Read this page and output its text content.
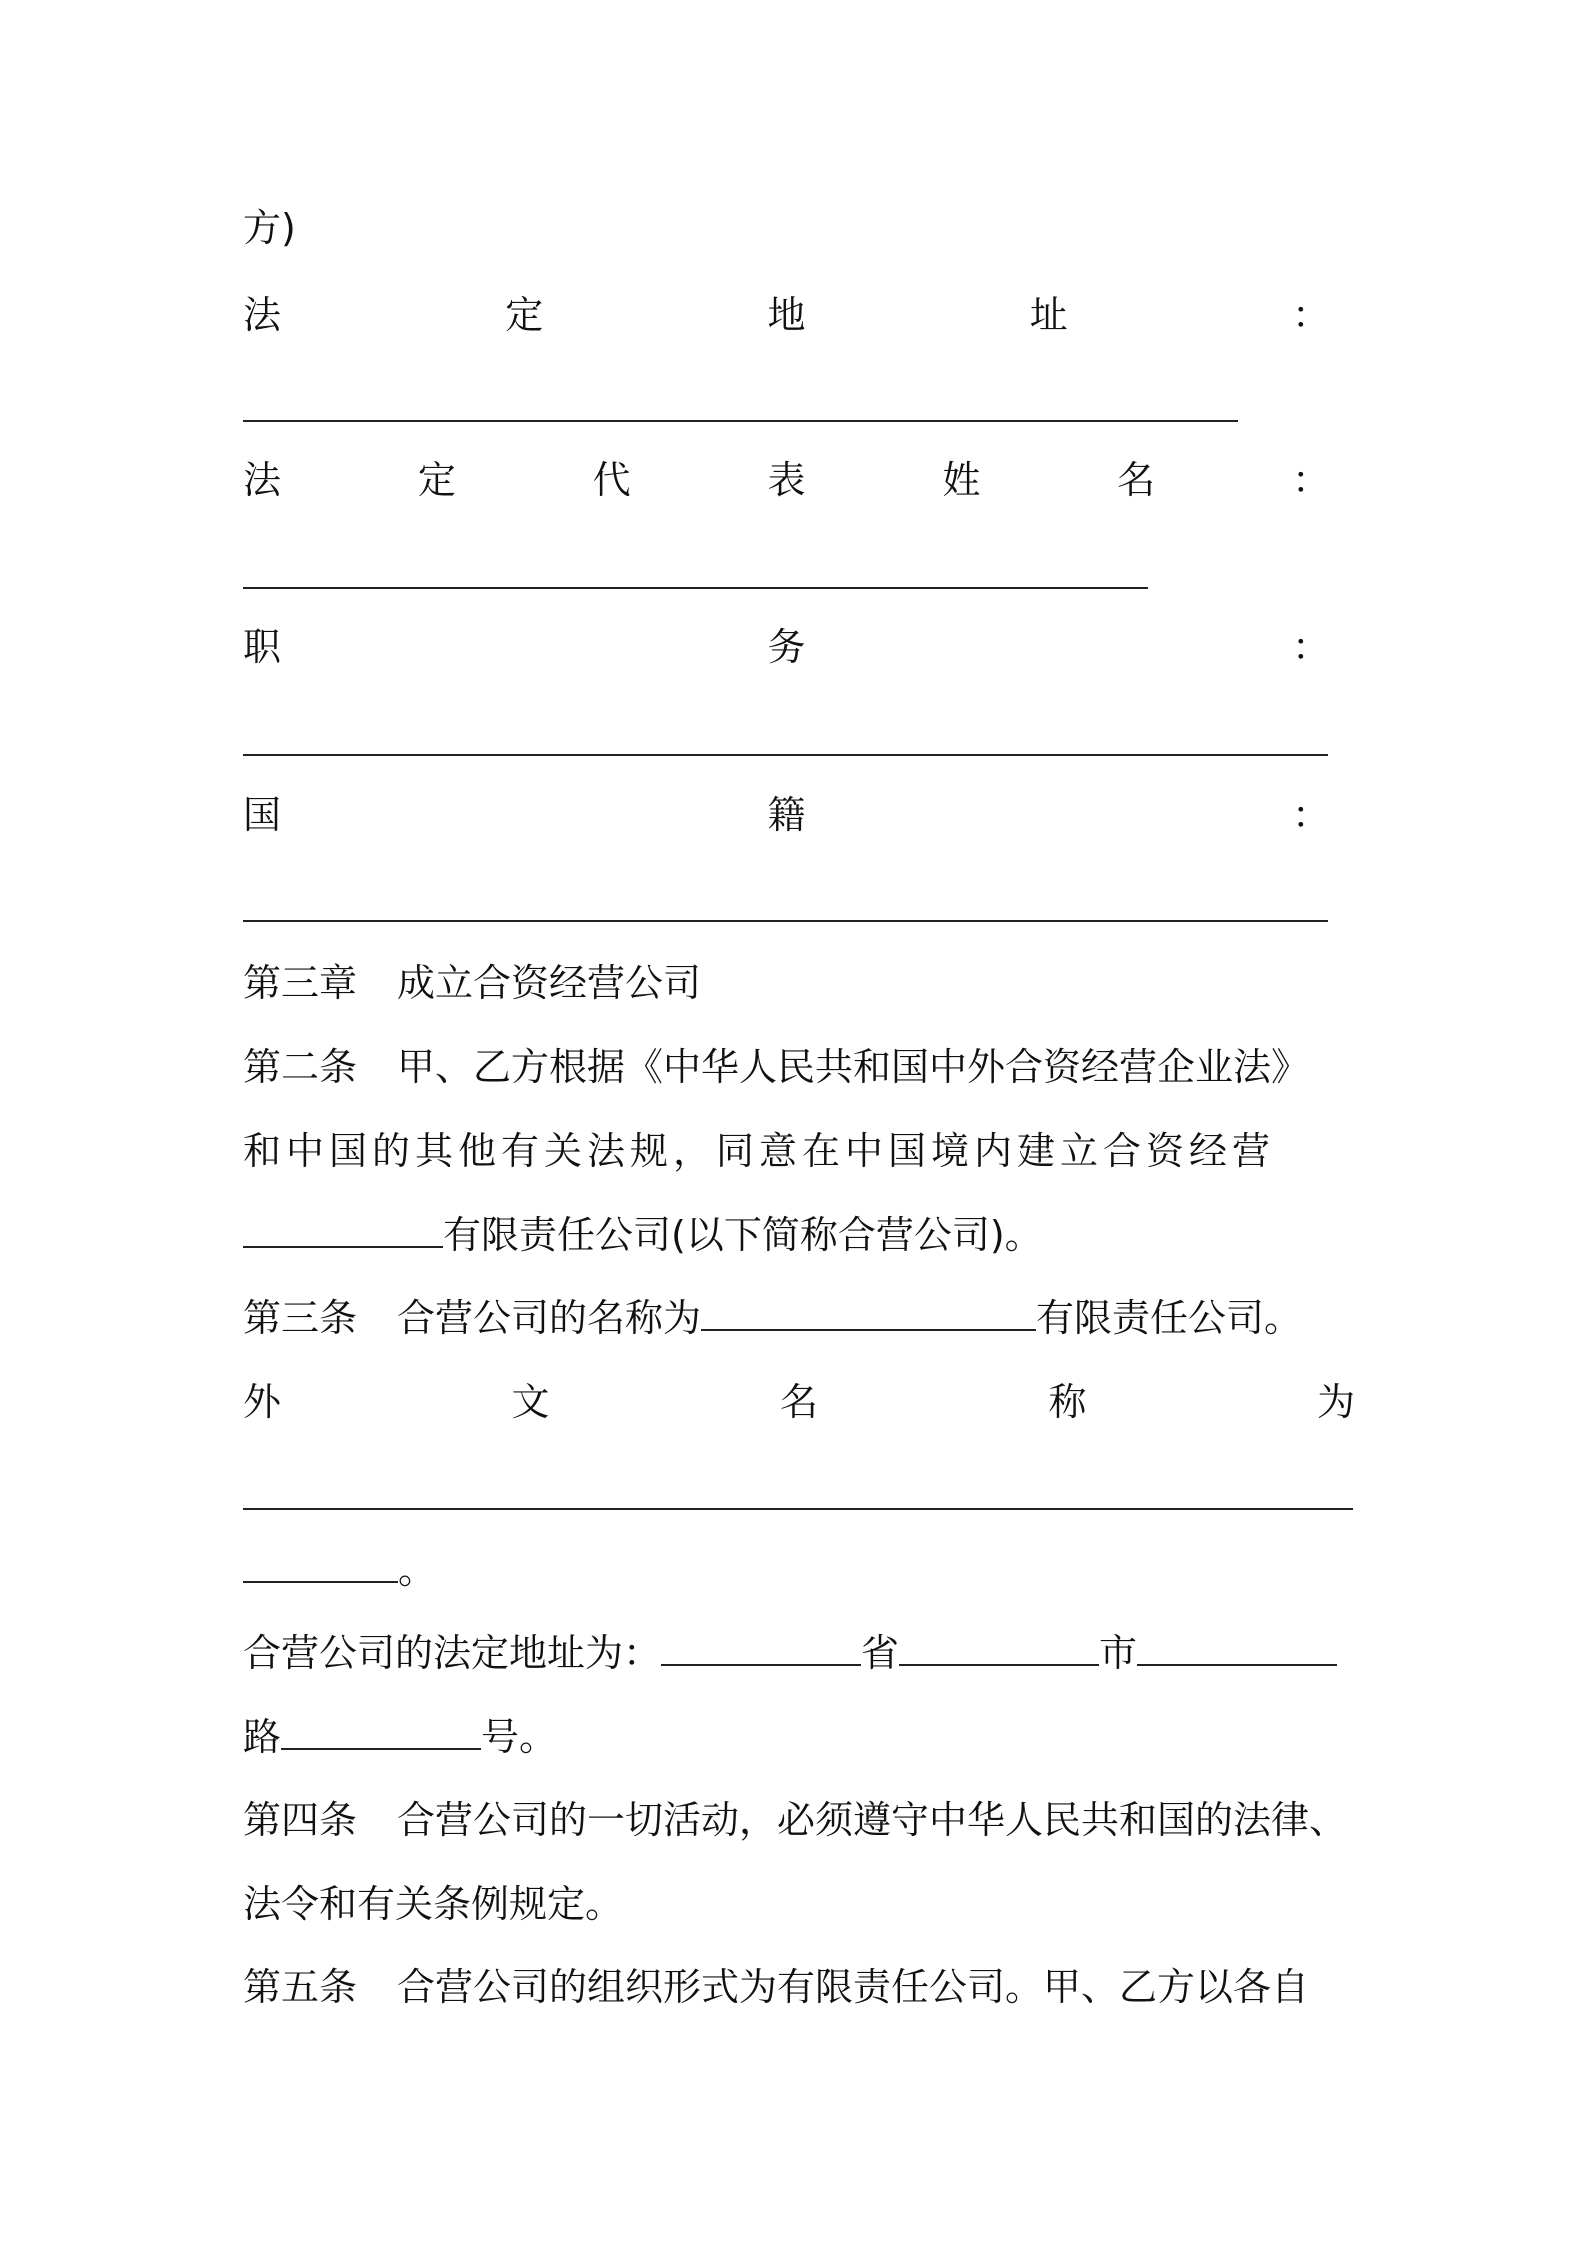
方)
法	定	地	址	：
法	定	代	表	姓	名	：
职	务	：
国	籍	：
第三章 成立合资经营公司
第二条 甲、乙方根据《中华人民共和国中外合资经营企业法》
和中国的其他有关法规，同意在中国境内建立合资经营
有限责任公司(以下简称合营公司)。
第三条 合营公司的名称为	有限责任公司。
外	文	名	称	为
。
合营公司的法定地址为：	省	市
路	号。
第四条 合营公司的一切活动，必须遵守中华人民共和国的法律、
法令和有关条例规定。
第五条 合营公司的组织形式为有限责任公司。甲、乙方以各自
